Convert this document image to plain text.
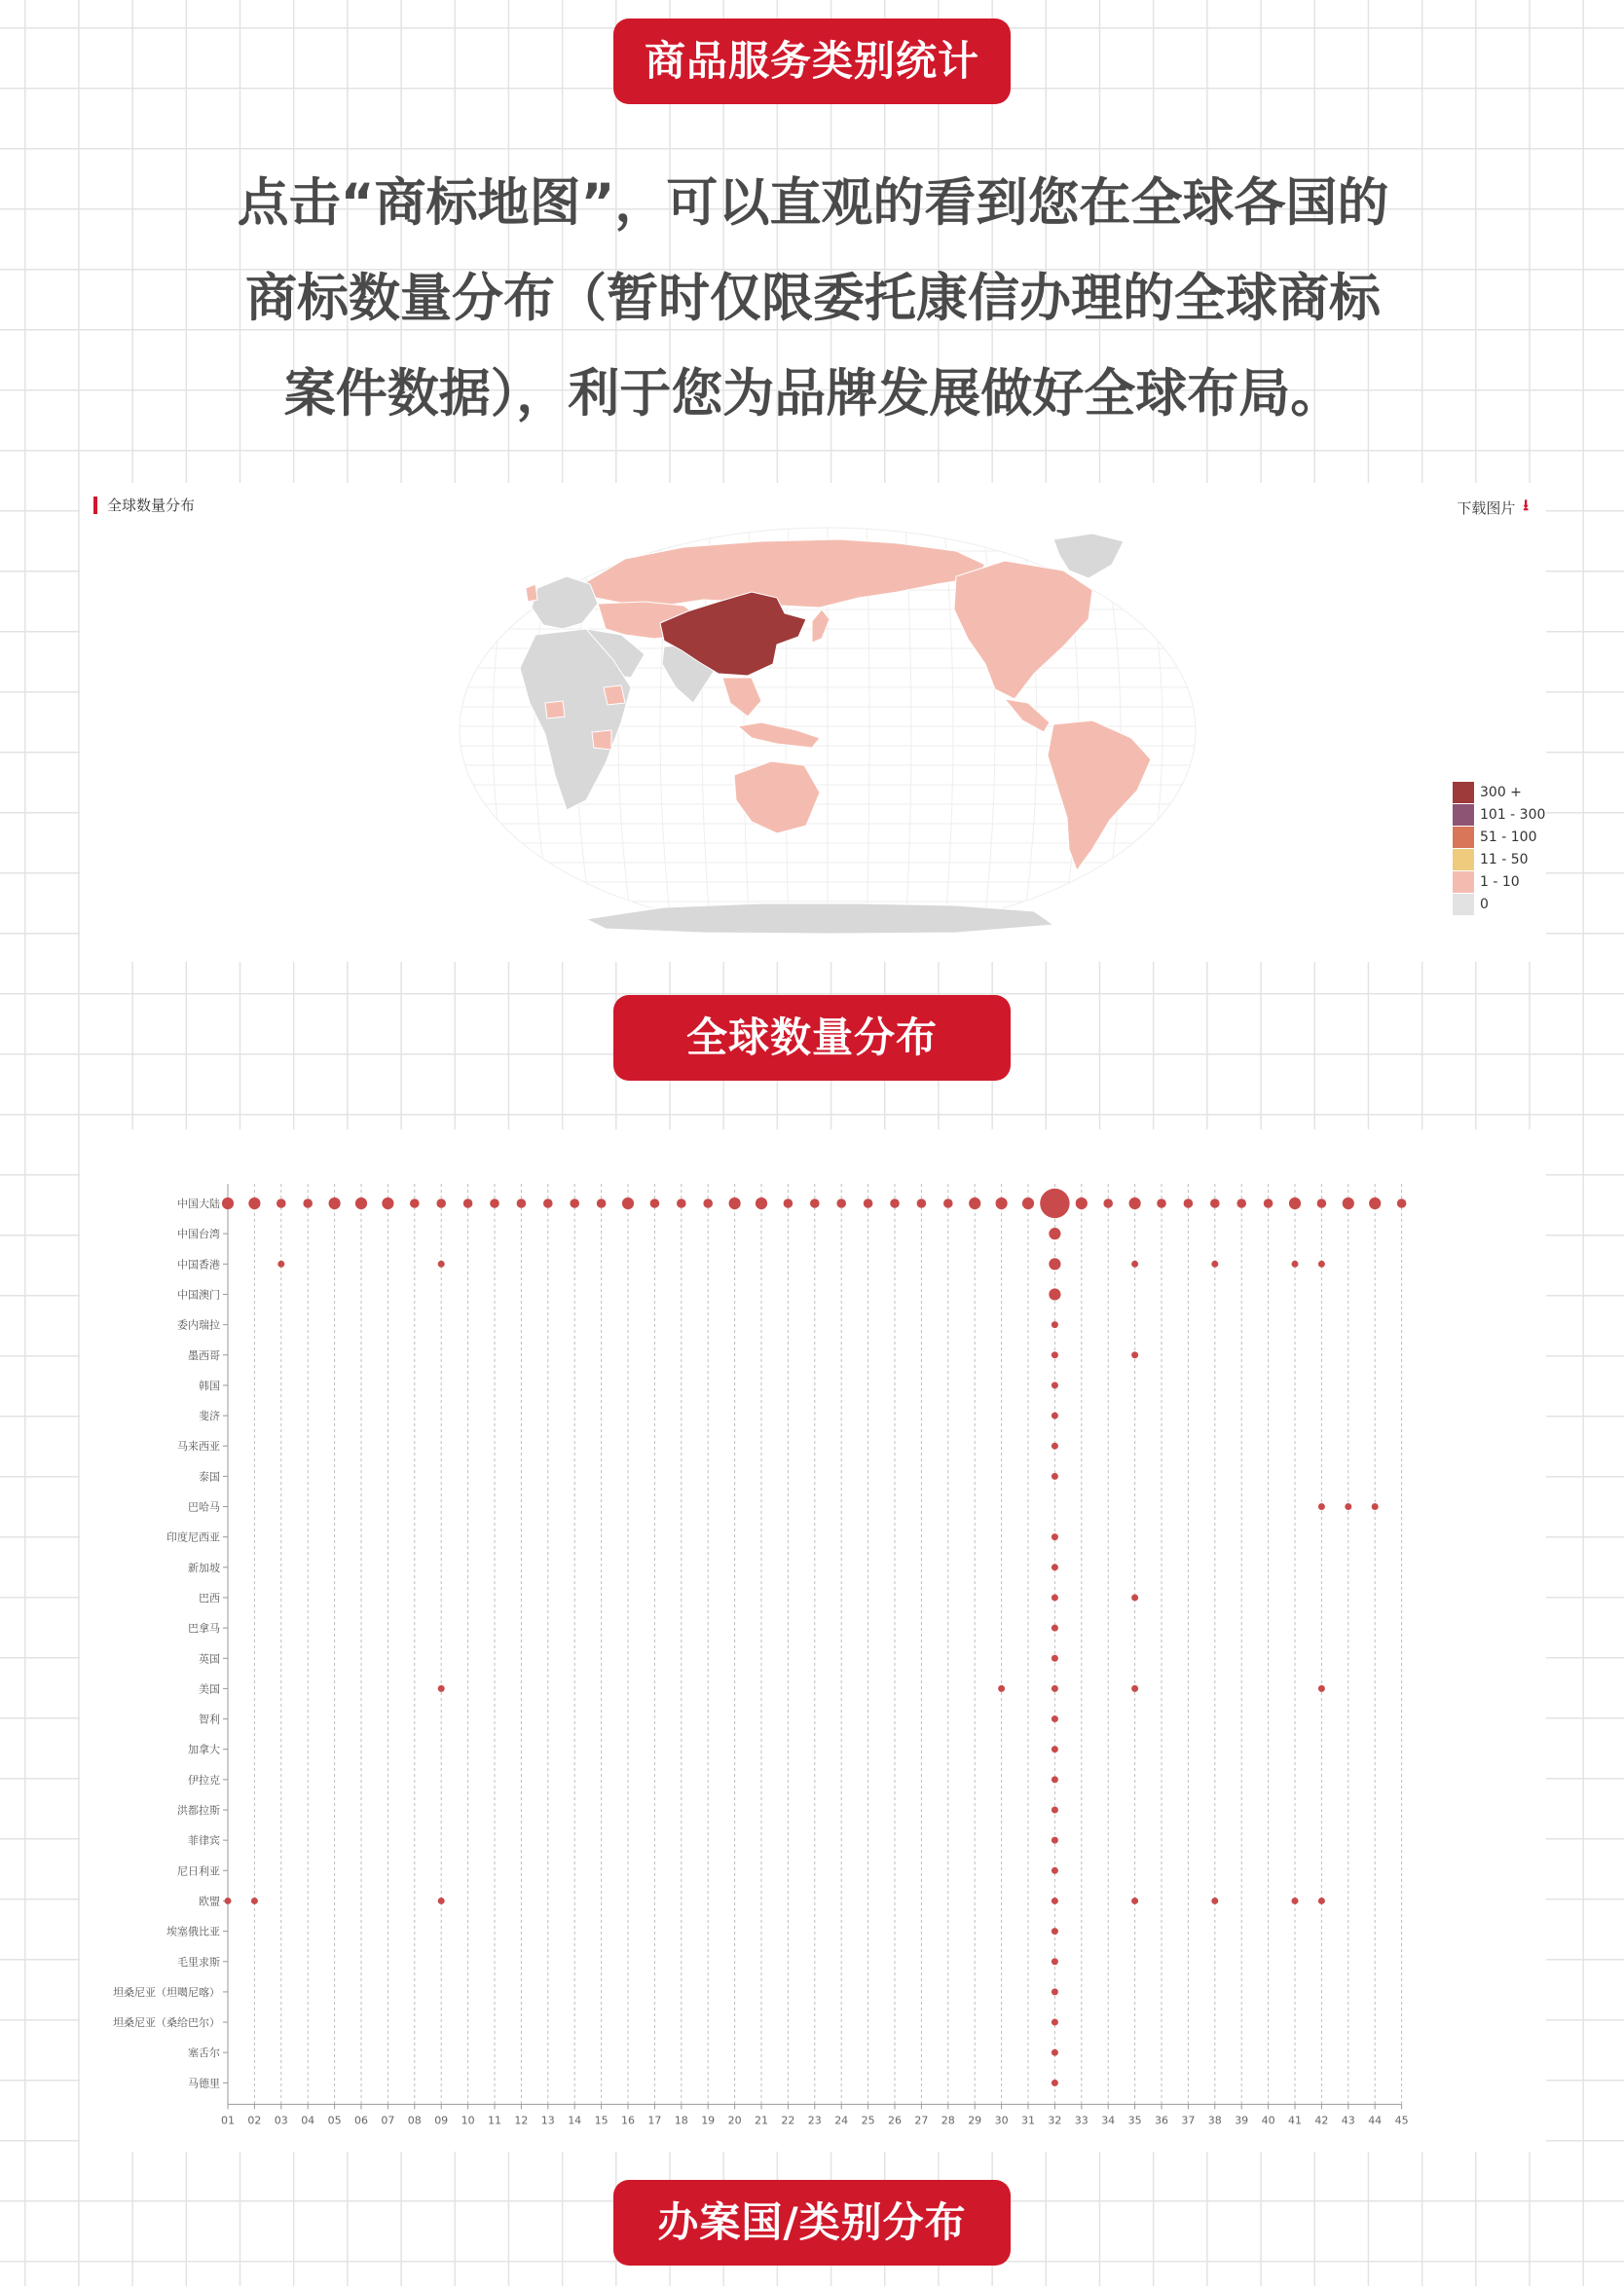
商品服务类别统计

点击“商标地图”，可以直观的看到您在全球各国的

商标数量分布（暂时仅限委托康信办理的全球商标

案件数据），利于您为品牌发展做好全球布局。

全球数量分布	下载图片 ⭳
300 +
101 - 300
51 - 100
11 - 50
1 - 10
0
全球数量分布
01 02 03 04 05 06 07 08 09 10 11 12 13 14 15 16 17 18 19 20 21 22 23 24 25 26 27 28 29 30 31 32 33 34 35 36 37 38 39 40 41 42 43 44 45
中国大陆
中国台湾
中国香港
中国澳门
委内瑞拉
墨西哥
韩国
斐济
马来西亚
泰国
巴哈马
印度尼西亚
新加坡
巴西
巴拿马
英国
美国
智利
加拿大
伊拉克
洪都拉斯
菲律宾
尼日利亚
欧盟
埃塞俄比亚
毛里求斯
坦桑尼亚（坦噶尼喀）
坦桑尼亚（桑给巴尔）
塞舌尔
马德里
办案国/类别分布
